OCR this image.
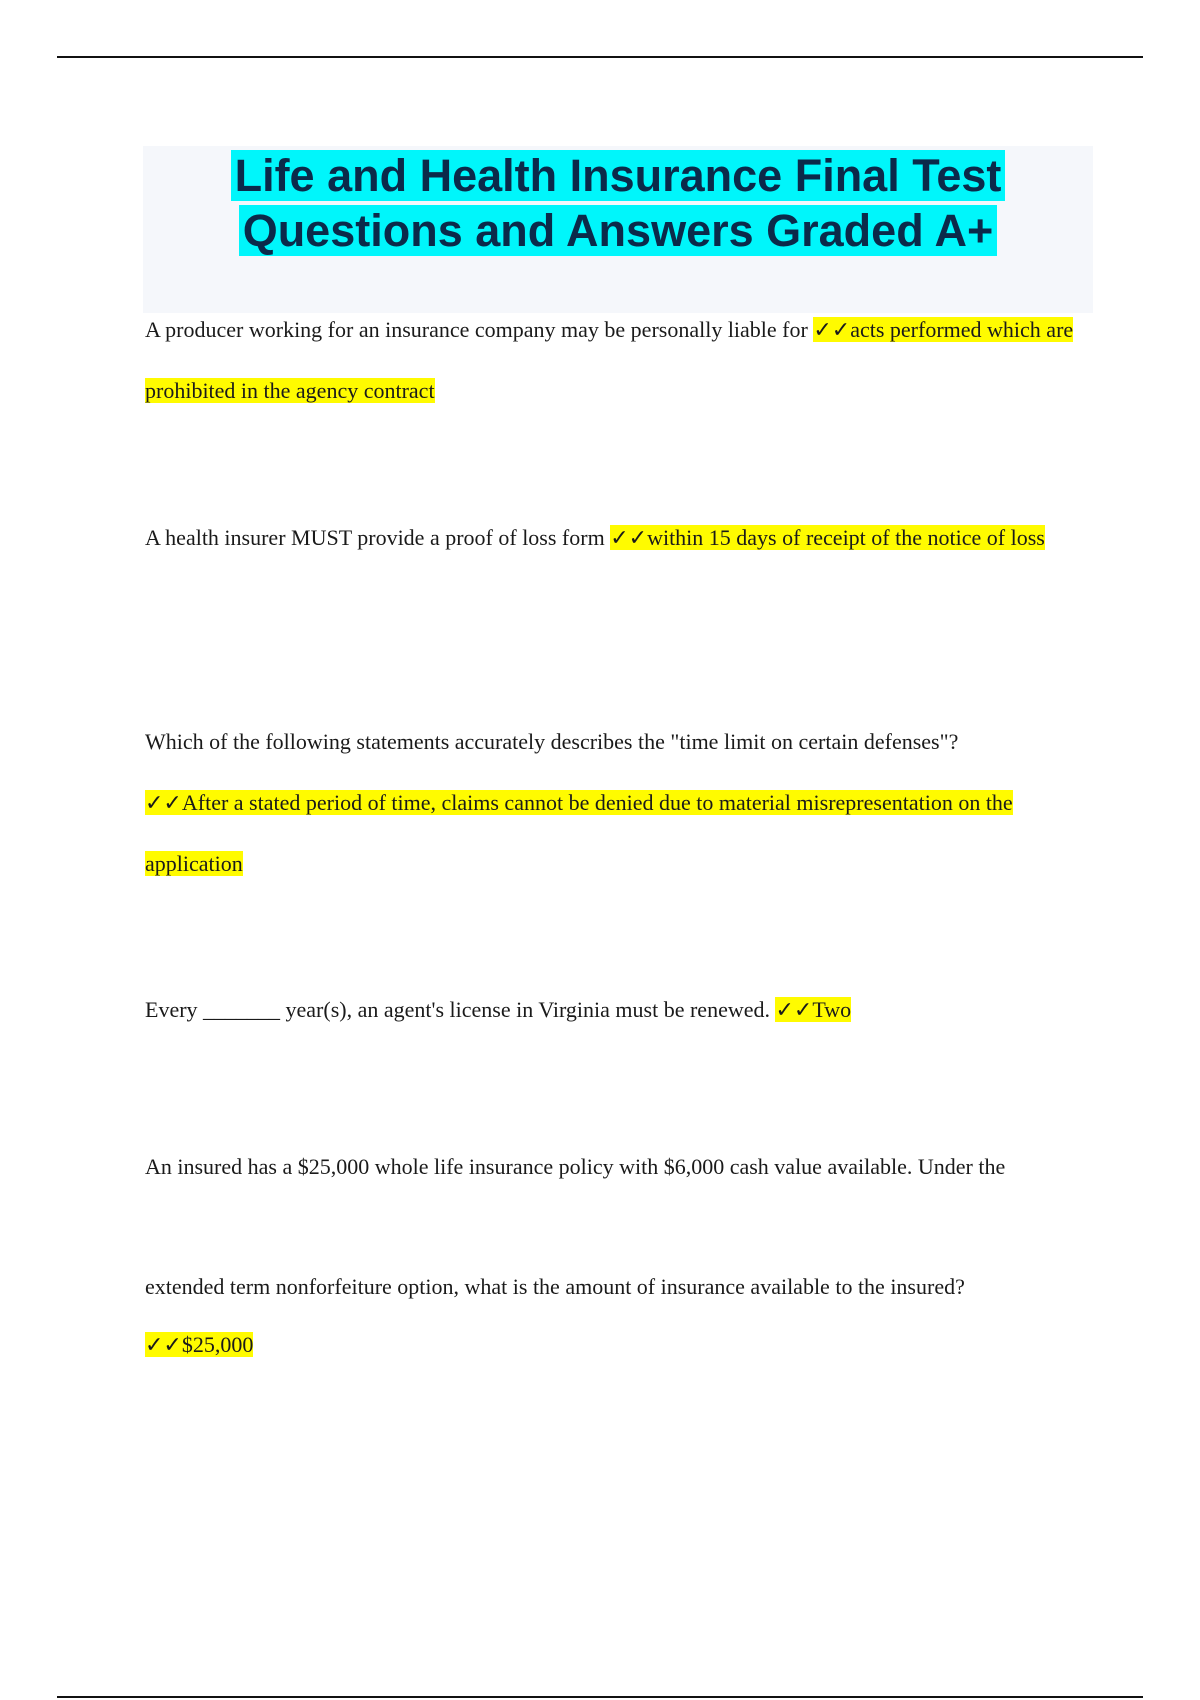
Life and Health Insurance Final Test
Questions and Answers Graded A+

A producer working for an insurance company may be personally liable for ✓✓acts performed which are prohibited in the agency contract

A health insurer MUST provide a proof of loss form ✓✓within 15 days of receipt of the notice of loss

Which of the following statements accurately describes the "time limit on certain defenses"?
✓✓After a stated period of time, claims cannot be denied due to material misrepresentation on the application

Every _______ year(s), an agent's license in Virginia must be renewed. ✓✓Two

An insured has a $25,000 whole life insurance policy with $6,000 cash value available. Under the

extended term nonforfeiture option, what is the amount of insurance available to the insured?
✓✓$25,000
